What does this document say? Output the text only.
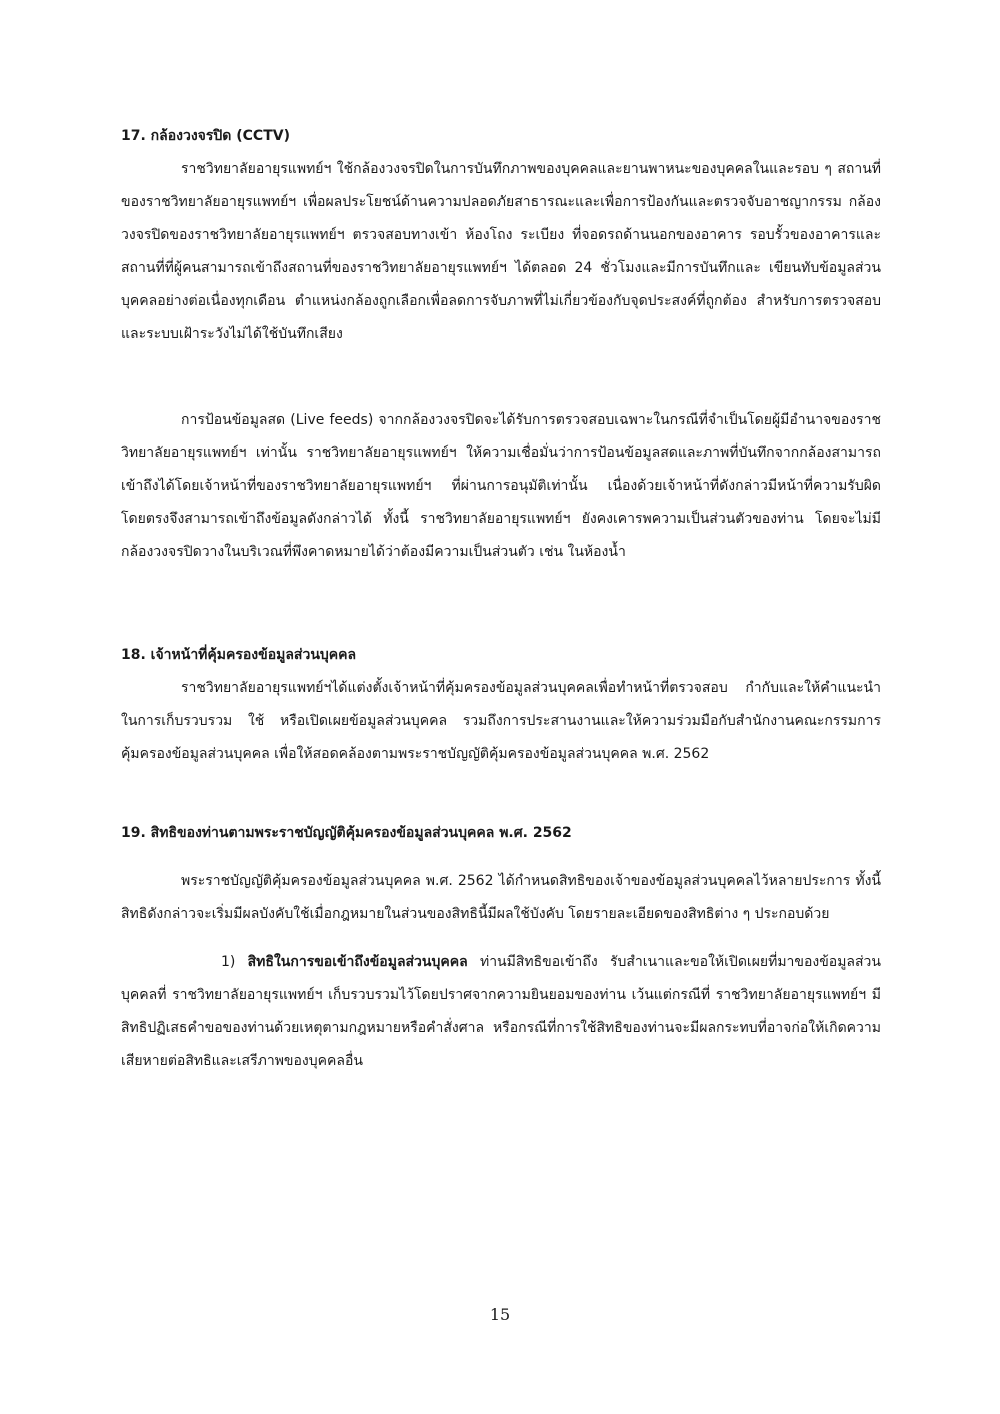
17. กล้องวงจรปิด (CCTV)

ราชวิทยาลัยอายุรแพทย์ฯ ใช้กล้องวงจรปิดในการบันทึกภาพของบุคคลและยานพาหนะของบุคคลในและรอบ ๆ สถานที่ของราชวิทยาลัยอายุรแพทย์ฯ เพื่อผลประโยชน์ด้านความปลอดภัยสาธารณะและเพื่อการป้องกันและตรวจจับอาชญากรรม กล้องวงจรปิดของราชวิทยาลัยอายุรแพทย์ฯ ตรวจสอบทางเข้า ห้องโถง ระเบียง ที่จอดรถด้านนอกของอาคาร รอบรั้วของอาคารและสถานที่ที่ผู้คนสามารถเข้าถึงสถานที่ของราชวิทยาลัยอายุรแพทย์ฯ ได้ตลอด 24 ชั่วโมงและมีการบันทึกและ เขียนทับข้อมูลส่วนบุคคลอย่างต่อเนื่องทุกเดือน ตำแหน่งกล้องถูกเลือกเพื่อลดการจับภาพที่ไม่เกี่ยวข้องกับจุดประสงค์ที่ถูกต้อง สำหรับการตรวจสอบและระบบเฝ้าระวังไม่ได้ใช้บันทึกเสียง

การป้อนข้อมูลสด (Live feeds) จากกล้องวงจรปิดจะได้รับการตรวจสอบเฉพาะในกรณีที่จำเป็นโดยผู้มีอำนาจของราชวิทยาลัยอายุรแพทย์ฯ เท่านั้น ราชวิทยาลัยอายุรแพทย์ฯ ให้ความเชื่อมั่นว่าการป้อนข้อมูลสดและภาพที่บันทึกจากกล้องสามารถเข้าถึงได้โดยเจ้าหน้าที่ของราชวิทยาลัยอายุรแพทย์ฯ ที่ผ่านการอนุมัติเท่านั้น เนื่องด้วยเจ้าหน้าที่ดังกล่าวมีหน้าที่ความรับผิดโดยตรงจึงสามารถเข้าถึงข้อมูลดังกล่าวได้ ทั้งนี้ ราชวิทยาลัยอายุรแพทย์ฯ ยังคงเคารพความเป็นส่วนตัวของท่าน โดยจะไม่มีกล้องวงจรปิดวางในบริเวณที่พึงคาดหมายได้ว่าต้องมีความเป็นส่วนตัว เช่น ในห้องน้ำ

18. เจ้าหน้าที่คุ้มครองข้อมูลส่วนบุคคล

ราชวิทยาลัยอายุรแพทย์ฯได้แต่งตั้งเจ้าหน้าที่คุ้มครองข้อมูลส่วนบุคคลเพื่อทำหน้าที่ตรวจสอบ กำกับและให้คำแนะนำในการเก็บรวบรวม ใช้ หรือเปิดเผยข้อมูลส่วนบุคคล รวมถึงการประสานงานและให้ความร่วมมือกับสำนักงานคณะกรรมการคุ้มครองข้อมูลส่วนบุคคล เพื่อให้สอดคล้องตามพระราชบัญญัติคุ้มครองข้อมูลส่วนบุคคล พ.ศ. 2562

19. สิทธิของท่านตามพระราชบัญญัติคุ้มครองข้อมูลส่วนบุคคล พ.ศ. 2562

พระราชบัญญัติคุ้มครองข้อมูลส่วนบุคคล พ.ศ. 2562 ได้กำหนดสิทธิของเจ้าของข้อมูลส่วนบุคคลไว้หลายประการ ทั้งนี้ สิทธิดังกล่าวจะเริ่มมีผลบังคับใช้เมื่อกฎหมายในส่วนของสิทธินี้มีผลใช้บังคับ โดยรายละเอียดของสิทธิต่าง ๆ ประกอบด้วย

1) สิทธิในการขอเข้าถึงข้อมูลส่วนบุคคล ท่านมีสิทธิขอเข้าถึง รับสำเนาและขอให้เปิดเผยที่มาของข้อมูลส่วนบุคคลที่ ราชวิทยาลัยอายุรแพทย์ฯ เก็บรวบรวมไว้โดยปราศจากความยินยอมของท่าน เว้นแต่กรณีที่ ราชวิทยาลัยอายุรแพทย์ฯ มีสิทธิปฏิเสธคำขอของท่านด้วยเหตุตามกฎหมายหรือคำสั่งศาล หรือกรณีที่การใช้สิทธิของท่านจะมีผลกระทบที่อาจก่อให้เกิดความเสียหายต่อสิทธิและเสรีภาพของบุคคลอื่น

15
